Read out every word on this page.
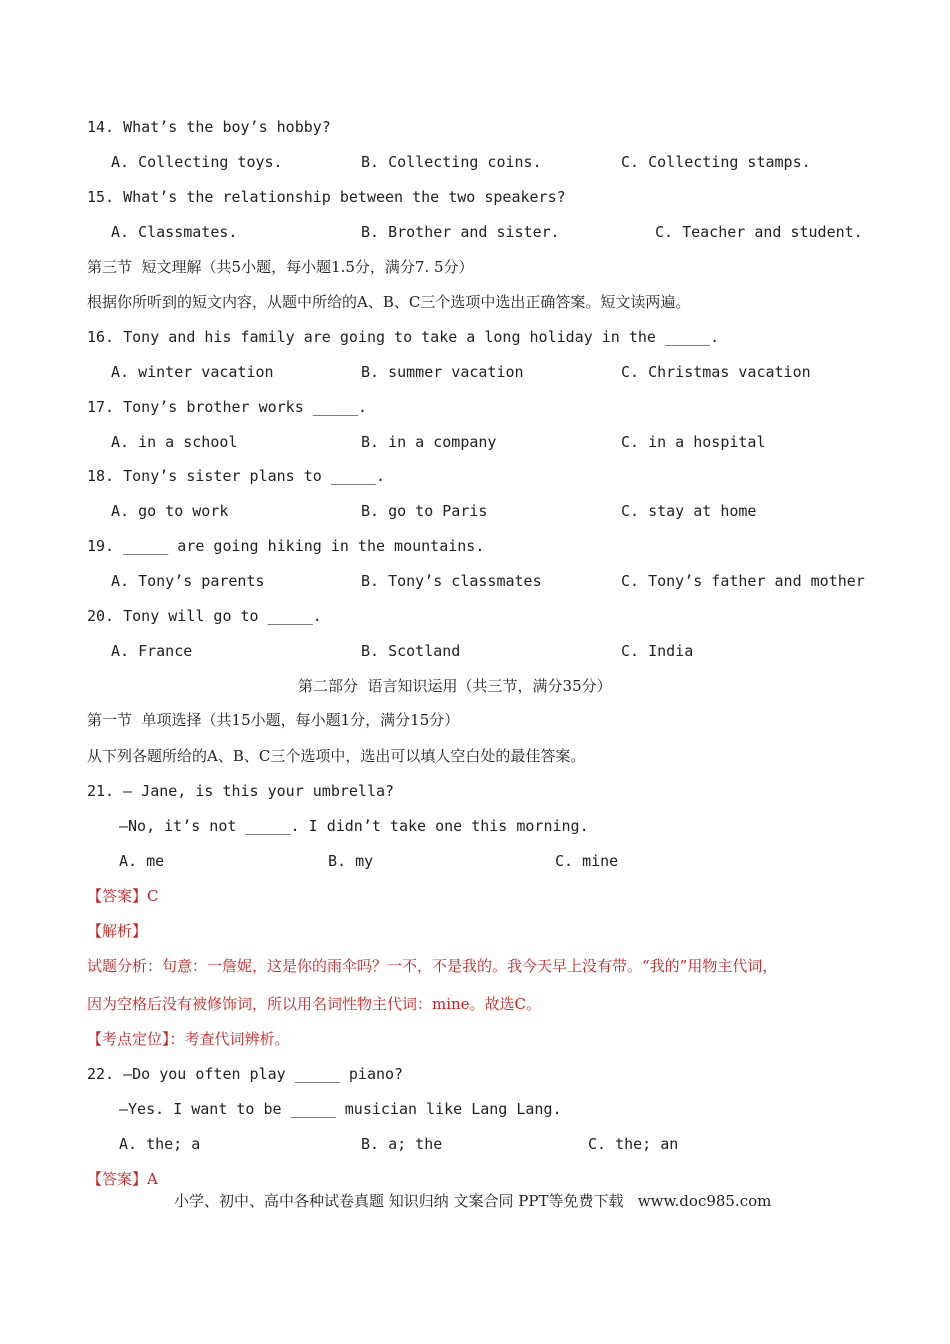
14. What’s the boy’s hobby?
A. Collecting toys.	B. Collecting coins.	C. Collecting stamps.
15. What’s the relationship between the two speakers?
A. Classmates.	B. Brother and sister.	C. Teacher and student.
第三节  短文理解（共5小题，每小题1.5分，满分7. 5分）
根据你所听到的短文内容，从题中所给的A、B、C三个选项中选出正确答案。短文读两遍。
16. Tony and his family are going to take a long holiday in the _____.
A. winter vacation	B. summer vacation	C. Christmas vacation
17. Tony’s brother works _____.
A. in a school	B. in a company	C. in a hospital
18. Tony’s sister plans to _____.
A. go to work	B. go to Paris	C. stay at home
19. _____ are going hiking in the mountains.
A. Tony’s parents	B. Tony’s classmates	C. Tony’s father and mother
20. Tony will go to _____.
A. France	B. Scotland	C. India
第二部分  语言知识运用（共三节，满分35分）
第一节  单项选择（共15小题，每小题1分，满分15分）
从下列各题所给的A、B、C三个选项中，选出可以填人空白处的最佳答案。
21. — Jane, is this your umbrella?
—No, it’s not _____. I didn’t take one this morning.
A. me	B. my	C. mine
【答案】C
【解析】
试题分析：句意：一詹妮，这是你的雨伞吗？一不，不是我的。我今天早上没有带。“我的”用物主代词，
因为空格后没有被修饰词，所以用名词性物主代词：mine。故选C。
【考点定位】：考查代词辨析。
22. —Do you often play _____ piano?
—Yes. I want to be _____ musician like Lang Lang.
A. the; a	B. a; the	C. the; an
【答案】A
小学、初中、高中各种试卷真题 知识归纳 文案合同 PPT等免费下载   www.doc985.com
